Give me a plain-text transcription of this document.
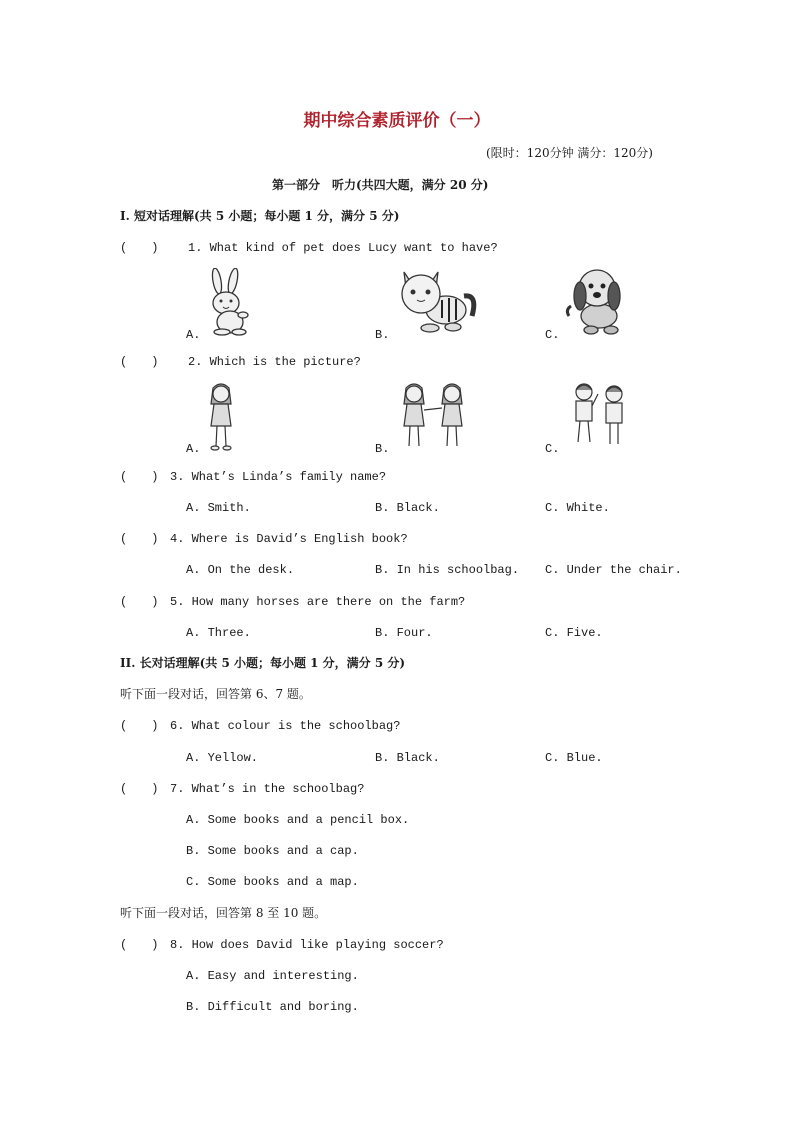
期中综合素质评价（一）
(限时：120分钟 满分：120分)
第一部分　听力(共四大题，满分 20 分)
I. 短对话理解(共 5 小题；每小题 1 分，满分 5 分)
(　　) 1. What kind of pet does Lucy want to have?
A.	B.	C.
(　　) 2. Which is the picture?
A.	B.	C.
(　　) 3. What’s Linda’s family name?
A. Smith.	B. Black.	C. White.
(　　) 4. Where is David’s English book?
A. On the desk.	B. In his schoolbag. C. Under the chair.
(　　) 5. How many horses are there on the farm?
A. Three.	B. Four.	C. Five.
II. 长对话理解(共 5 小题；每小题 1 分，满分 5 分)
听下面一段对话，回答第 6、7 题。
(　　) 6. What colour is the schoolbag?
A. Yellow.	B. Black.	C. Blue.
(　　) 7. What’s in the schoolbag?
A. Some books and a pencil box.
B. Some books and a cap.
C. Some books and a map.
听下面一段对话，回答第 8 至 10 题。
(　　) 8. How does David like playing soccer?
A. Easy and interesting.
B. Difficult and boring.
